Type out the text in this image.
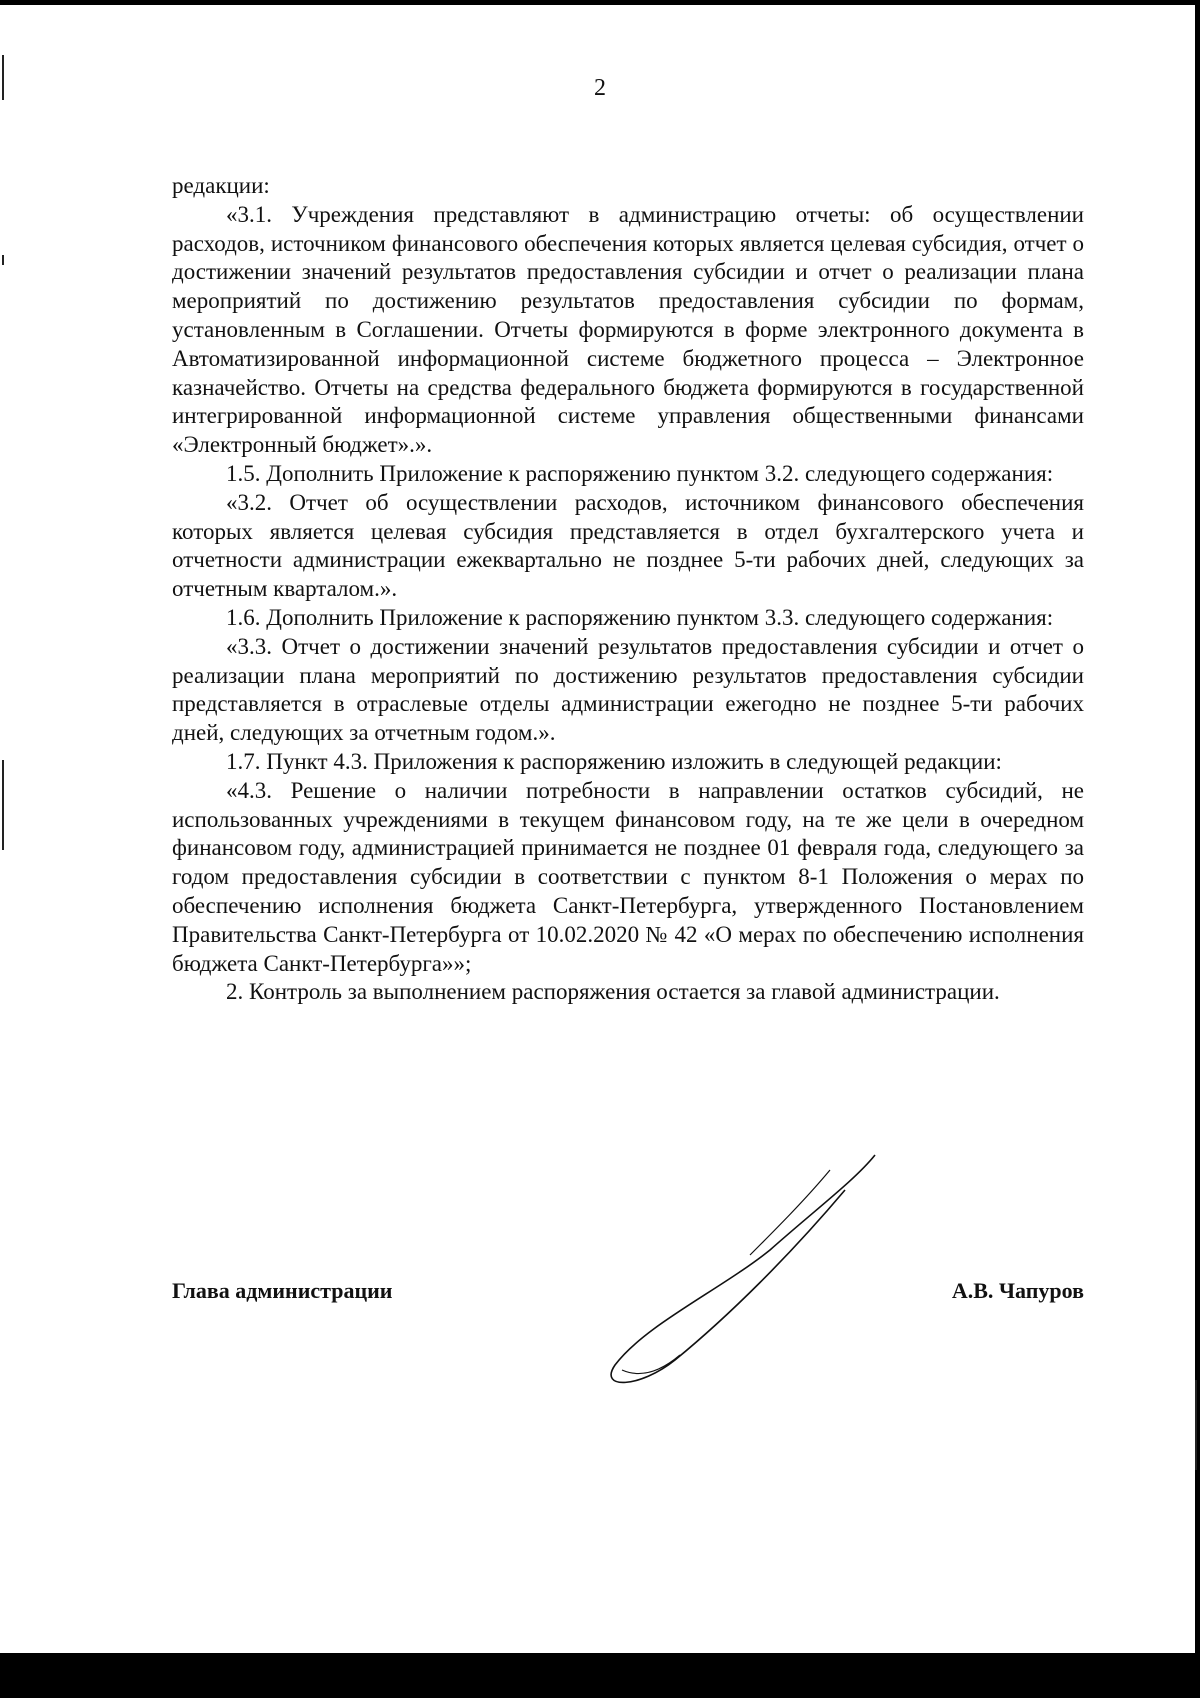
2

редакции:

«3.1. Учреждения представляют в администрацию отчеты: об осуществлении расходов, источником финансового обеспечения которых является целевая субсидия, отчет о достижении значений результатов предоставления субсидии и отчет о реализации плана мероприятий по достижению результатов предоставления субсидии по формам, установленным в Соглашении. Отчеты формируются в форме электронного документа в Автоматизированной информационной системе бюджетного процесса – Электронное казначейство. Отчеты на средства федерального бюджета формируются в государственной интегрированной информационной системе управления общественными финансами «Электронный бюджет».».

1.5. Дополнить Приложение к распоряжению пунктом 3.2. следующего содержания:

«3.2. Отчет об осуществлении расходов, источником финансового обеспечения которых является целевая субсидия представляется в отдел бухгалтерского учета и отчетности администрации ежеквартально не позднее 5-ти рабочих дней, следующих за отчетным кварталом.».

1.6. Дополнить Приложение к распоряжению пунктом 3.3. следующего содержания:

«3.3. Отчет о достижении значений результатов предоставления субсидии и отчет о реализации плана мероприятий по достижению результатов предоставления субсидии представляется в отраслевые отделы администрации ежегодно не позднее 5-ти рабочих дней, следующих за отчетным годом.».

1.7. Пункт 4.3. Приложения к распоряжению изложить в следующей редакции:

«4.3. Решение о наличии потребности в направлении остатков субсидий, не использованных учреждениями в текущем финансовом году, на те же цели в очередном финансовом году, администрацией принимается не позднее 01 февраля года, следующего за годом предоставления субсидии в соответствии с пунктом 8-1 Положения о мерах по обеспечению исполнения бюджета Санкт-Петербурга, утвержденного Постановлением Правительства Санкт-Петербурга от 10.02.2020 № 42 «О мерах по обеспечению исполнения бюджета Санкт-Петербурга»»;

2. Контроль за выполнением распоряжения остается за главой администрации.

Глава администрации	А.В. Чапуров
